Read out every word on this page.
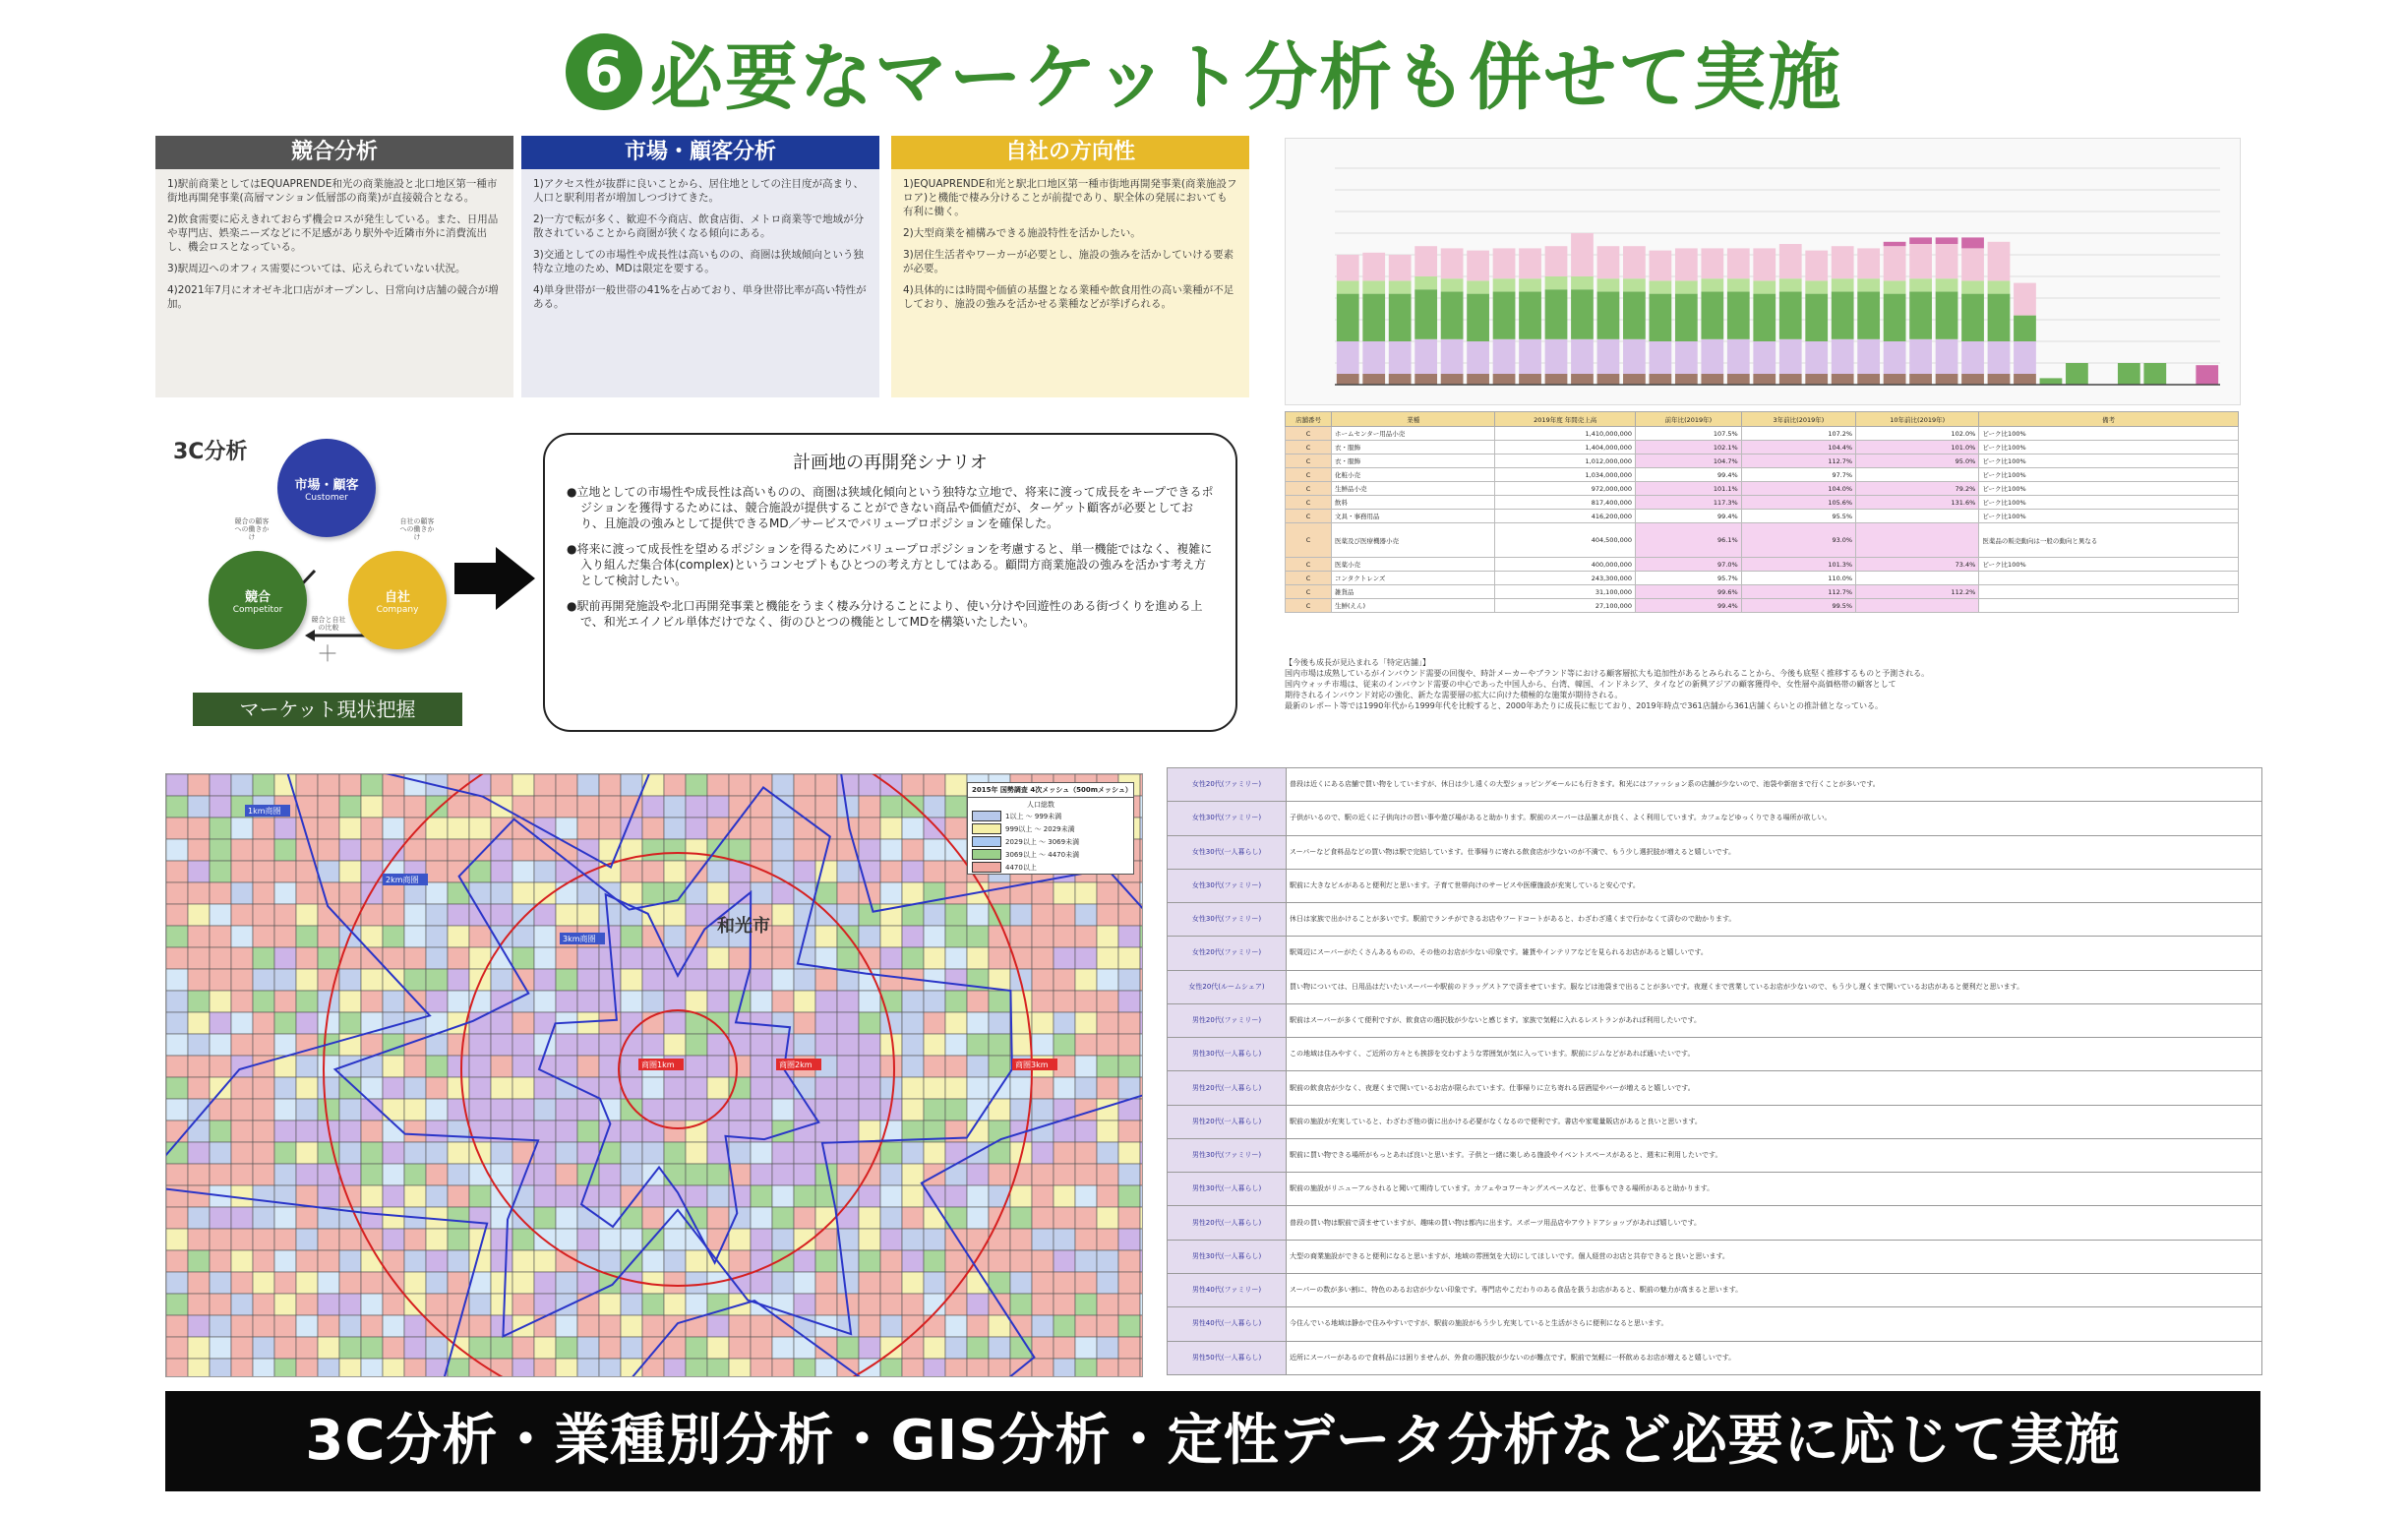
6 必要なマーケット分析も併せて実施
競合分析

1)駅前商業としてはEQUAPRENDE和光の商業施設と北口地区第一種市街地再開発事業(高層マンション低層部の商業)が直接競合となる。

2)飲食需要に応えきれておらず機会ロスが発生している。また、日用品や専門店、娯楽ニーズなどに不足感があり駅外や近隣市外に消費流出し、機会ロスとなっている。

3)駅周辺へのオフィス需要については、応えられていない状況。

4)2021年7月にオオゼキ北口店がオープンし、日常向け店舗の競合が増加。

市場・顧客分析

1)アクセス性が抜群に良いことから、居住地としての注目度が高まり、人口と駅利用者が増加しつづけてきた。

2)一方で転が多く、歓迎不今商店、飲食店街、メトロ商業等で地域が分散されていることから商圏が狭くなる傾向にある。

3)交通としての市場性や成長性は高いものの、商圏は狭域傾向という独特な立地のため、MDは限定を要する。

4)単身世帯が一般世帯の41%を占めており、単身世帯比率が高い特性がある。

自社の方向性

1)EQUAPRENDE和光と駅北口地区第一種市街地再開発事業(商業施設フロア)と機能で棲み分けることが前提であり、駅全体の発展においても有利に働く。

2)大型商業を補構みできる施設特性を活かしたい。

3)居住生活者やワーカーが必要とし、施設の強みを活かしていける要素が必要。

4)具体的には時間や価値の基盤となる業種や飲食用性の高い業種が不足しており、施設の強みを活かせる業種などが挙げられる。

3C分析
市場・顧客
Customer
競合
Competitor
自社
Company
競合の顧客への働きかけ
自社の顧客への働きかけ
競合と自社の比較
＋
マーケット現状把握
計画地の再開発シナリオ

●立地としての市場性や成長性は高いものの、商圏は狭域化傾向という独特な立地で、将来に渡って成長をキープできるポジションを獲得するためには、競合施設が提供することができない商品や価値だが、ターゲット顧客が必要としており、且施設の強みとして提供できるMD／サービスでバリュープロポジションを確保した。

●将来に渡って成長性を望めるポジションを得るためにバリュープロポジションを考慮すると、単一機能ではなく、複雑に入り組んだ集合体(complex)というコンセプトもひとつの考え方としてはある。顧問方商業施設の強みを活かす考え方として検討したい。

●駅前再開発施設や北口再開発事業と機能をうまく棲み分けることにより、使い分けや回遊性のある街づくりを進める上で、和光エイノビル単体だけでなく、街のひとつの機能としてMDを構築いたしたい。

店舗番号	業種	2019年度 年間売上高	前年比(2019年)	3年前比(2019年)	10年前比(2019年)	備考
C	ホームセンター用品小売	1,410,000,000	107.5%	107.2%	102.0%	ピーク比100%
C	衣・服飾	1,404,000,000	102.1%	104.4%	101.0%	ピーク比100%
C	衣・服飾	1,012,000,000	104.7%	112.7%	95.0%	ピーク比100%
C	化粧小売	1,034,000,000	99.4%	97.7%		ピーク比100%
C	生鮮品小売	972,000,000	101.1%	104.0%	79.2%	ピーク比100%
C	飲料	817,400,000	117.3%	105.6%	131.6%	ピーク比100%
C	文具・事務用品	416,200,000	99.4%	95.5%		ピーク比100%
C	医薬及び医療機器小売	404,500,000	96.1%	93.0%		医薬品の販売動向は一般の動向と異なる
C	医薬小売	400,000,000	97.0%	101.3%	73.4%	ピーク比100%
C	コンタクトレンズ	243,300,000	95.7%	110.0%		
C	雑貨品	31,100,000	99.6%	112.7%	112.2%	
C	生鮮(えん)	27,100,000	99.4%	99.5%		

【今後も成長が見込まれる「特定店舗」】

国内市場は成熟しているがインバウンド需要の回復や、時計メーカーやブランド等における顧客層拡大も追加性があるとみられることから、今後も底堅く推移するものと予測される。

国内ウォッチ市場は、従来のインバウンド需要の中心であった中国人から、台湾、韓国、インドネシア、タイなどの新興アジアの顧客獲得や、女性層や高価格帯の顧客として

期待されるインバウンド対応の強化、新たな需要層の拡大に向けた積極的な施策が期待される。

最新のレポート等では1990年代から1999年代を比較すると、2000年あたりに成長に転じており、2019年時点で361店舗から361店舗くらいとの推計値となっている。

商圏1km	商圏2km	商圏3km
1km商圏
2km商圏
3km商圏
和光市
2015年 国勢調査 4次メッシュ（500mメッシュ）
人口総数
1以上 ～ 999未満
999以上 ～ 2029未満
2029以上 ～ 3069未満
3069以上 ～ 4470未満
4470以上
女性20代(ファミリー)	普段は近くにある店舗で買い物をしていますが、休日は少し遠くの大型ショッピングモールにも行きます。和光にはファッション系の店舗が少ないので、池袋や新宿まで行くことが多いです。
女性30代(ファミリー)	子供がいるので、駅の近くに子供向けの習い事や遊び場があると助かります。駅前のスーパーは品揃えが良く、よく利用しています。カフェなどゆっくりできる場所が欲しい。
女性30代(一人暮らし)	スーパーなど食料品などの買い物は駅で完結しています。仕事帰りに寄れる飲食店が少ないのが不満で、もう少し選択肢が増えると嬉しいです。
女性30代(ファミリー)	駅前に大きなビルがあると便利だと思います。子育て世帯向けのサービスや医療施設が充実していると安心です。
女性30代(ファミリー)	休日は家族で出かけることが多いです。駅前でランチができるお店やフードコートがあると、わざわざ遠くまで行かなくて済むので助かります。
女性20代(ファミリー)	駅周辺にスーパーがたくさんあるものの、その他のお店が少ない印象です。雑貨やインテリアなどを見られるお店があると嬉しいです。
女性20代(ルームシェア)	買い物については、日用品はだいたいスーパーや駅前のドラッグストアで済ませています。服などは池袋まで出ることが多いです。夜遅くまで営業しているお店が少ないので、もう少し遅くまで開いているお店があると便利だと思います。
男性20代(ファミリー)	駅前はスーパーが多くて便利ですが、飲食店の選択肢が少ないと感じます。家族で気軽に入れるレストランがあれば利用したいです。
男性30代(一人暮らし)	この地域は住みやすく、ご近所の方々とも挨拶を交わすような雰囲気が気に入っています。駅前にジムなどがあれば通いたいです。
男性20代(一人暮らし)	駅前の飲食店が少なく、夜遅くまで開いているお店が限られています。仕事帰りに立ち寄れる居酒屋やバーが増えると嬉しいです。
男性20代(一人暮らし)	駅前の施設が充実していると、わざわざ他の街に出かける必要がなくなるので便利です。書店や家電量販店があると良いと思います。
男性30代(ファミリー)	駅前に買い物できる場所がもっとあれば良いと思います。子供と一緒に楽しめる施設やイベントスペースがあると、週末に利用したいです。
男性30代(一人暮らし)	駅前の施設がリニューアルされると聞いて期待しています。カフェやコワーキングスペースなど、仕事もできる場所があると助かります。
男性20代(一人暮らし)	普段の買い物は駅前で済ませていますが、趣味の買い物は都内に出ます。スポーツ用品店やアウトドアショップがあれば嬉しいです。
男性30代(一人暮らし)	大型の商業施設ができると便利になると思いますが、地域の雰囲気を大切にしてほしいです。個人経営のお店と共存できると良いと思います。
男性40代(ファミリー)	スーパーの数が多い割に、特色のあるお店が少ない印象です。専門店やこだわりのある食品を扱うお店があると、駅前の魅力が高まると思います。
男性40代(一人暮らし)	今住んでいる地域は静かで住みやすいですが、駅前の施設がもう少し充実していると生活がさらに便利になると思います。
男性50代(一人暮らし)	近所にスーパーがあるので食料品には困りませんが、外食の選択肢が少ないのが難点です。駅前で気軽に一杯飲めるお店が増えると嬉しいです。
3C分析・業種別分析・GIS分析・定性データ分析など必要に応じて実施
